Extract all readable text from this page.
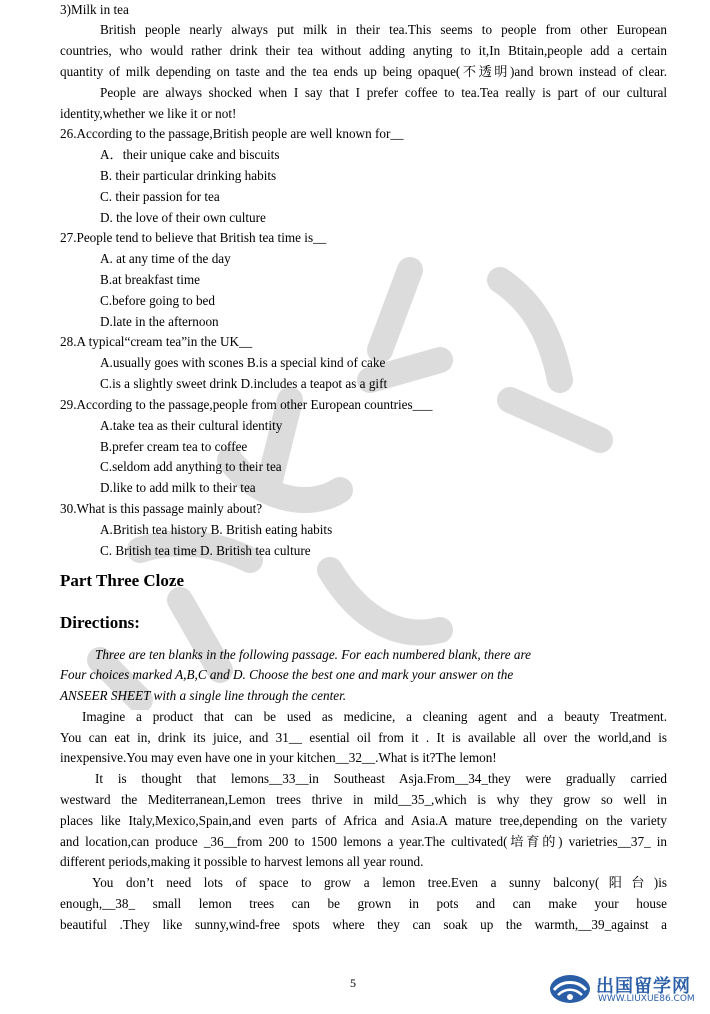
3)Milk in tea
British people nearly always put milk in their tea.This seems to people from other European
countries, who would rather drink their tea without adding anyting to it,In Btitain,people add a certain
quantity of milk depending on taste and the tea ends up being opaque(不透明)and brown instead of clear.
People are always shocked when I say that I prefer coffee to tea.Tea really is part of our cultural
identity,whether we like it or not!
26.According to the passage,British people are well known for__
A．their unique cake and biscuits
B. their particular drinking habits
C. their passion for tea
D. the love of their own culture
27.People tend to believe that British tea time is__
A. at any time of the day
B.at breakfast time
C.before going to bed
D.late in the afternoon
28.A typical“cream tea”in the UK__
A.usually goes with scones B.is a special kind of cake
C.is a slightly sweet drink D.includes a teapot as a gift
29.According to the passage,people from other European countries___
A.take tea as their cultural identity
B.prefer cream tea to coffee
C.seldom add anything to their tea
D.like to add milk to their tea
30.What is this passage mainly about?
A.British tea history B. British eating habits
C. British tea time D. British tea culture
Part Three Cloze
Directions:
Three are ten blanks in the following passage. For each numbered blank, there are
Four choices marked A,B,C and D. Choose the best one and mark your answer on the
ANSEER SHEET with a single line through the center.
Imagine a product that can be used as medicine, a cleaning agent and a beauty Treatment.
You can eat in, drink its juice, and 31__ esential oil from it . It is available all over the world,and is
inexpensive.You may even have one in your kitchen__32__.What is it?The lemon!
It is thought that lemons__33__in Southeast Asja.From__34_they were gradually carried
westward the Mediterranean,Lemon trees thrive in mild__35_,which is why they grow so well in
places like Italy,Mexico,Spain,and even parts of Africa and Asia.A mature tree,depending on the variety
and location,can produce _36__from 200 to 1500 lemons a year.The cultivated(培育的) varietries__37_ in
different periods,making it possible to harvest lemons all year round.
You don’t need lots of space to grow a lemon tree.Even a sunny balcony(阳台)is
enough,__38_ small lemon trees can be grown in pots and can make your house
beautiful .They like sunny,wind-free spots where they can soak up the warmth,__39_against a
5	出国留学网
WWW.LIUXUE86.COM
